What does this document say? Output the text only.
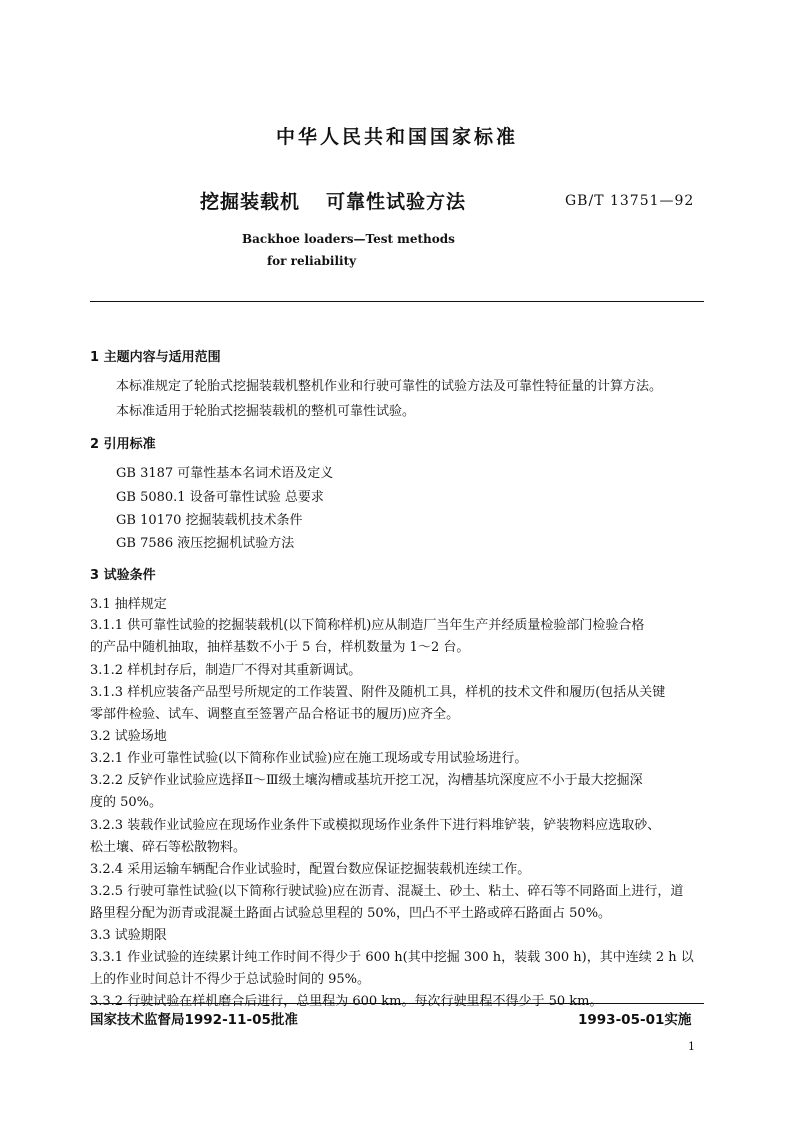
中华人民共和国国家标准
挖掘装载机 可靠性试验方法	GB/T 13751—92
Backhoe loaders—Test methods
for reliability
1 主题内容与适用范围
本标准规定了轮胎式挖掘装载机整机作业和行驶可靠性的试验方法及可靠性特征量的计算方法。
本标准适用于轮胎式挖掘装载机的整机可靠性试验。
2 引用标准
GB 3187 可靠性基本名词术语及定义
GB 5080.1 设备可靠性试验 总要求
GB 10170 挖掘装载机技术条件
GB 7586 液压挖掘机试验方法
3 试验条件
3.1 抽样规定
3.1.1 供可靠性试验的挖掘装载机(以下简称样机)应从制造厂当年生产并经质量检验部门检验合格
的产品中随机抽取，抽样基数不小于 5 台，样机数量为 1～2 台。
3.1.2 样机封存后，制造厂不得对其重新调试。
3.1.3 样机应装备产品型号所规定的工作装置、附件及随机工具，样机的技术文件和履历(包括从关键
零部件检验、试车、调整直至签署产品合格证书的履历)应齐全。
3.2 试验场地
3.2.1 作业可靠性试验(以下简称作业试验)应在施工现场或专用试验场进行。
3.2.2 反铲作业试验应选择Ⅱ～Ⅲ级土壤沟槽或基坑开挖工况，沟槽基坑深度应不小于最大挖掘深
度的 50%。
3.2.3 装载作业试验应在现场作业条件下或模拟现场作业条件下进行料堆铲装，铲装物料应选取砂、
松土壤、碎石等松散物料。
3.2.4 采用运输车辆配合作业试验时，配置台数应保证挖掘装载机连续工作。
3.2.5 行驶可靠性试验(以下简称行驶试验)应在沥青、混凝土、砂土、粘土、碎石等不同路面上进行，道
路里程分配为沥青或混凝土路面占试验总里程的 50%，凹凸不平土路或碎石路面占 50%。
3.3 试验期限
3.3.1 作业试验的连续累计纯工作时间不得少于 600 h(其中挖掘 300 h，装载 300 h)，其中连续 2 h 以
上的作业时间总计不得少于总试验时间的 95%。
3.3.2 行驶试验在样机磨合后进行，总里程为 600 km。每次行驶里程不得少于 50 km。
国家技术监督局1992-11-05批准	1993-05-01实施
1
